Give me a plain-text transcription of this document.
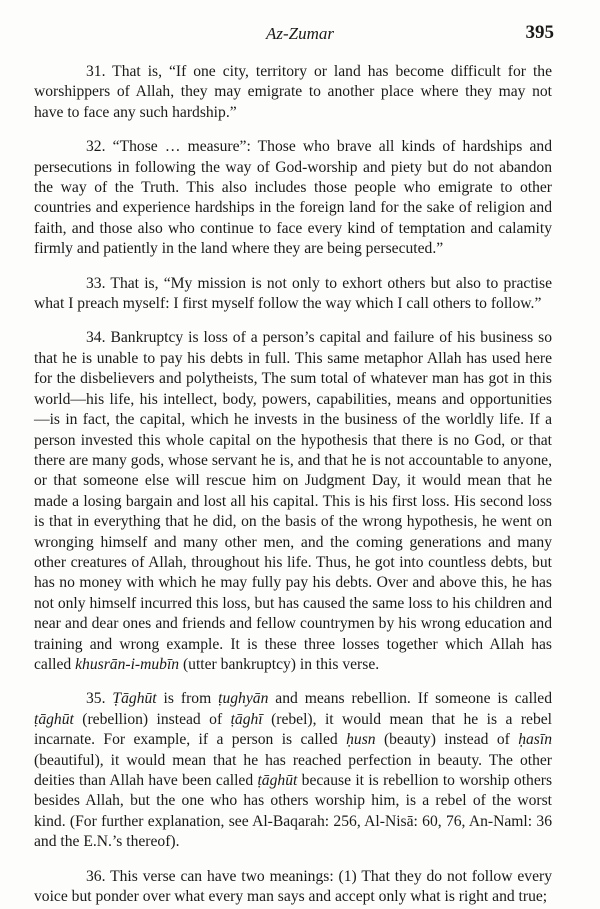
Az-Zumar	395

31. That is, “If one city, territory or land has become difficult for the worshippers of Allah, they may emigrate to another place where they may not have to face any such hardship.”

32. “Those … measure”: Those who brave all kinds of hardships and persecutions in following the way of God-worship and piety but do not abandon the way of the Truth. This also includes those people who emigrate to other countries and experience hardships in the foreign land for the sake of religion and faith, and those also who continue to face every kind of temptation and calamity firmly and patiently in the land where they are being persecuted.”

33. That is, “My mission is not only to exhort others but also to practise what I preach myself: I first myself follow the way which I call others to follow.”

34. Bankruptcy is loss of a person’s capital and failure of his business so that he is unable to pay his debts in full. This same metaphor Allah has used here for the disbelievers and polytheists, The sum total of whatever man has got in this world—his life, his intellect, body, powers, capabilities, means and opportunities—is in fact, the capital, which he invests in the business of the worldly life. If a person invested this whole capital on the hypothesis that there is no God, or that there are many gods, whose servant he is, and that he is not accountable to anyone, or that someone else will rescue him on Judgment Day, it would mean that he made a losing bargain and lost all his capital. This is his first loss. His second loss is that in everything that he did, on the basis of the wrong hypothesis, he went on wronging himself and many other men, and the coming generations and many other creatures of Allah, throughout his life. Thus, he got into countless debts, but has no money with which he may fully pay his debts. Over and above this, he has not only himself incurred this loss, but has caused the same loss to his children and near and dear ones and friends and fellow countrymen by his wrong education and training and wrong example. It is these three losses together which Allah has called khusrān-i-mubīn (utter bankruptcy) in this verse.

35. Ṭāghūt is from ṭughyān and means rebellion. If someone is called ṭāghūt (rebellion) instead of ṭāghī (rebel), it would mean that he is a rebel incarnate. For example, if a person is called ḥusn (beauty) instead of ḥasīn (beautiful), it would mean that he has reached perfection in beauty. The other deities than Allah have been called ṭāghūt because it is rebellion to worship others besides Allah, but the one who has others worship him, is a rebel of the worst kind. (For further explanation, see Al-Baqarah: 256, Al-Nisā: 60, 76, An-Naml: 36 and the E.N.’s thereof).

36. This verse can have two meanings: (1) That they do not follow every voice but ponder over what every man says and accept only what is right and true;
